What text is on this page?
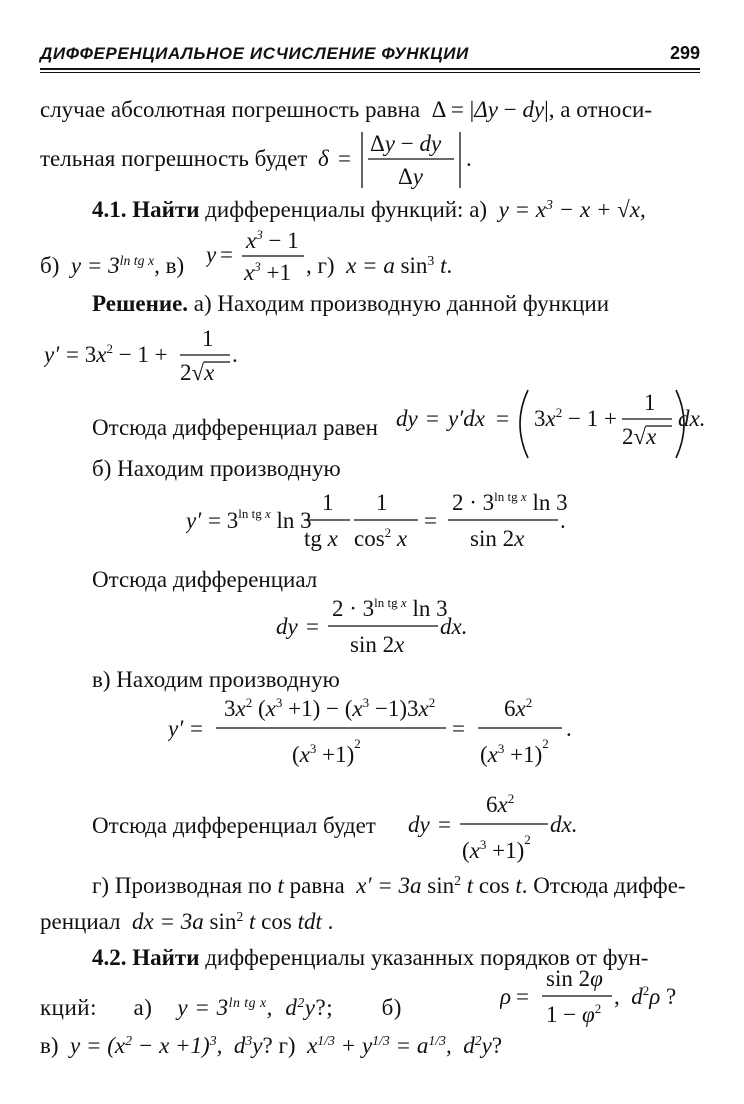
ДИФФЕРЕНЦИАЛЬНОЕ ИСЧИСЛЕНИЕ ФУНКЦИИ	299
случае абсолютная погрешность равна  Δ = |Δy − dy|, а относи-
тельная погрешность будет δ =
Δy − dy
Δy
.
4.1. Найти дифференциалы функций: а)  $y = x^3 - x + √x$,
б)  $y = 3^{ln tg x}$, в) y =
$x^3 - 1$
$x^3 +1$ , г)  x = a $\sin^3 t$.
Решение. а) Находим производную данной функции
$y' = 3x^2 - 1$ +
1
2√x
.
Отсюда дифференциал равен dy = $y'dx = 3x^2 - 1$ +
1
2√x
dx.
б) Находим производную
$y' = 3^{ln tg}$ x ln 3
1
tg x
1
$\cos^2 x$
=
$2 \cdot 3^{ln tg}$ x ln 3
sin 2x
.
Отсюда дифференциал
dy =
$2 \cdot 3^{ln tg}$ x ln 3
sin 2x
dx.
в) Находим производную
y′ =
$3x^2$ $(x^3 +1) - (x^3 -1)3x^2$
$(x^3 +1)^2$
=
$6x^2$
$(x^3 +1)^2$
.
Отсюда дифференциал будет dy =
$6x^2$
$(x^3 +1)^2$
dx.
г) Производная по t равна  x′ = 3a $\sin^2 t$ cos t. Отсюда диффе-
ренциал  dx = 3a $\sin^2 t$ cos tdt .
4.2. Найти дифференциалы указанных порядков от фун-
кций: а)    $y = 3^{ln tg x}$,  $d^2y$?; б)	ρ =
sin 2φ
$1 - \varphi^2$ ,  $d^2\rho$ ?
в)  $y = (x^2 - x +1)^3$,  $d^3y$? г)  $x^{1/3} + y^{1/3} = a^{1/3}$,  $d^2y$?
